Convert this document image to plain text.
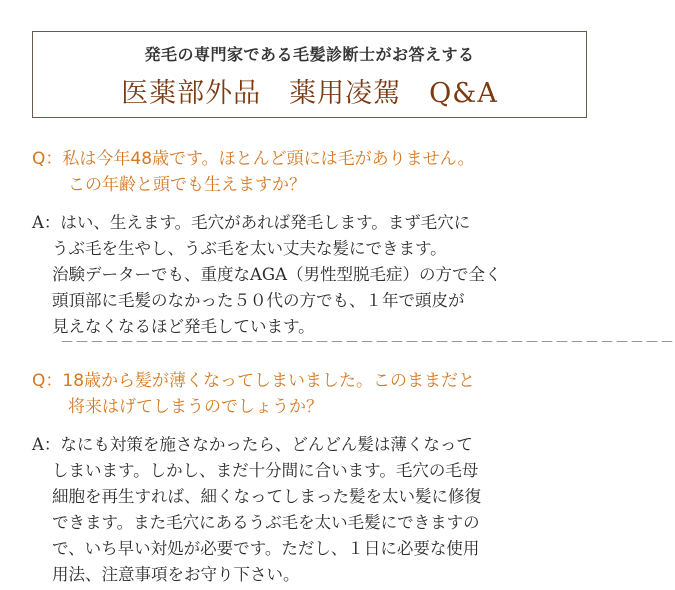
発毛の専門家である毛髪診断士がお答えする
医薬部外品　薬用凌駕　Q&A
Q：私は今年48歳です。ほとんど頭には毛がありません。
この年齢と頭でも生えますか？
A：はい、生えます。毛穴があれば発毛します。まず毛穴に
うぶ毛を生やし、うぶ毛を太い丈夫な髪にできます。
治験データーでも、重度なAGA（男性型脱毛症）の方で全く
頭頂部に毛髪のなかった５０代の方でも、１年で頭皮が
見えなくなるほど発毛しています。
－－－－－－－－－－－－－－－－－－－－－－－－－－－－－－－－－－－－－－－－－
Q：18歳から髪が薄くなってしまいました。このままだと
将来はげてしまうのでしょうか？
A：なにも対策を施さなかったら、どんどん髪は薄くなって
しまいます。しかし、まだ十分間に合います。毛穴の毛母
細胞を再生すれば、細くなってしまった髪を太い髪に修復
できます。また毛穴にあるうぶ毛を太い毛髪にできますの
で、いち早い対処が必要です。ただし、１日に必要な使用
用法、注意事項をお守り下さい。
